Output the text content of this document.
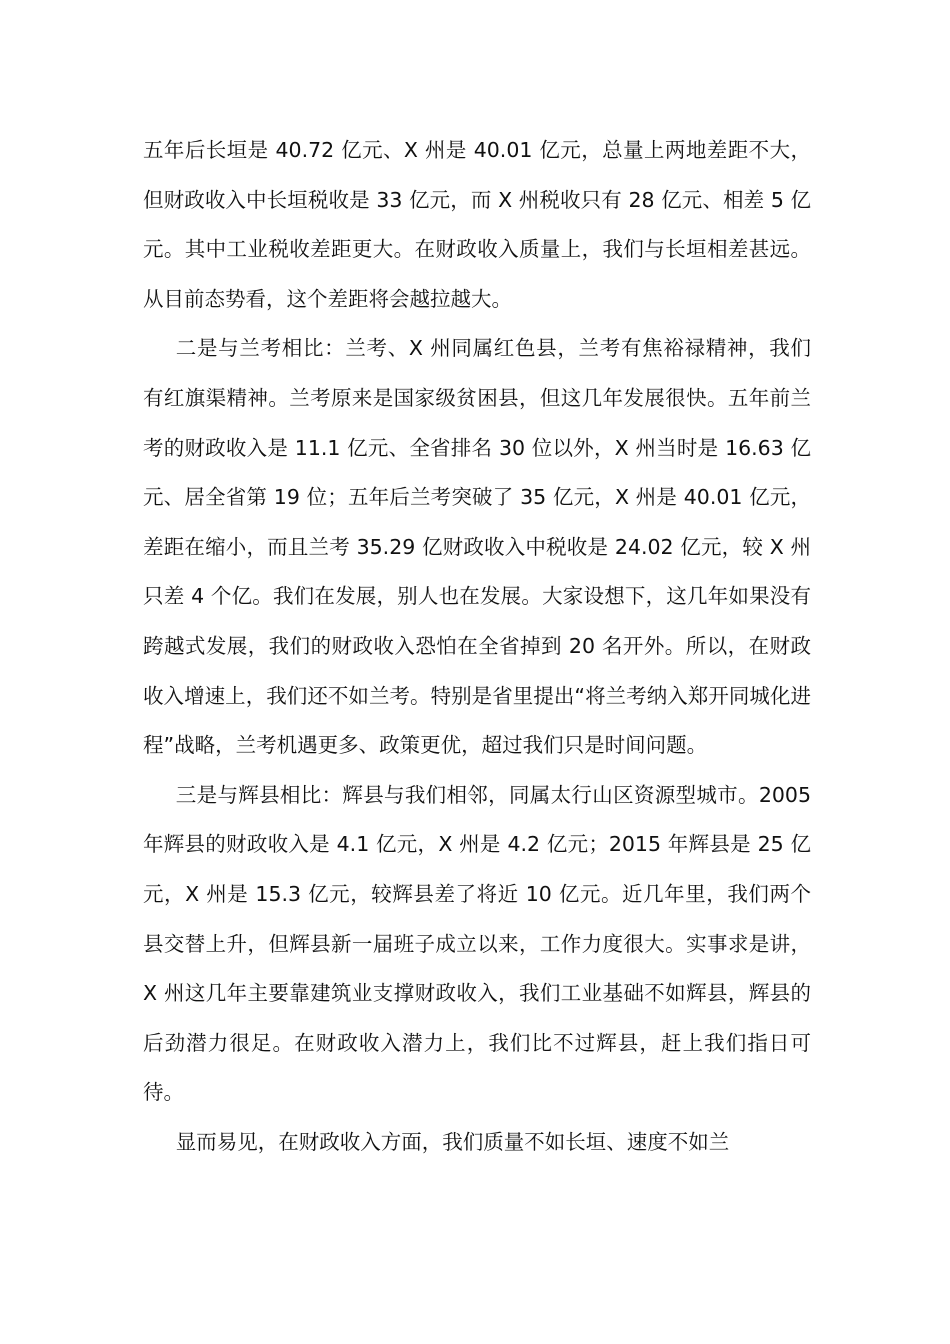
五年后长垣是 40.72 亿元、X 州是 40.01 亿元，总量上两地差距不大，但财政收入中长垣税收是 33 亿元，而 X 州税收只有 28 亿元、相差 5 亿元。其中工业税收差距更大。在财政收入质量上，我们与长垣相差甚远。从目前态势看，这个差距将会越拉越大。

二是与兰考相比：兰考、X 州同属红色县，兰考有焦裕禄精神，我们有红旗渠精神。兰考原来是国家级贫困县，但这几年发展很快。五年前兰考的财政收入是 11.1 亿元、全省排名 30 位以外，X 州当时是 16.63 亿元、居全省第 19 位；五年后兰考突破了 35 亿元，X 州是 40.01 亿元，差距在缩小，而且兰考 35.29 亿财政收入中税收是 24.02 亿元，较 X 州只差 4 个亿。我们在发展，别人也在发展。大家设想下，这几年如果没有跨越式发展，我们的财政收入恐怕在全省掉到 20 名开外。所以，在财政收入增速上，我们还不如兰考。特别是省里提出“将兰考纳入郑开同城化进程”战略，兰考机遇更多、政策更优，超过我们只是时间问题。

三是与辉县相比：辉县与我们相邻，同属太行山区资源型城市。2005 年辉县的财政收入是 4.1 亿元，X 州是 4.2 亿元；2015 年辉县是 25 亿元，X 州是 15.3 亿元，较辉县差了将近 10 亿元。近几年里，我们两个县交替上升，但辉县新一届班子成立以来，工作力度很大。实事求是讲，X 州这几年主要靠建筑业支撑财政收入，我们工业基础不如辉县，辉县的后劲潜力很足。在财政收入潜力上，我们比不过辉县，赶上我们指日可待。

显而易见，在财政收入方面，我们质量不如长垣、速度不如兰
